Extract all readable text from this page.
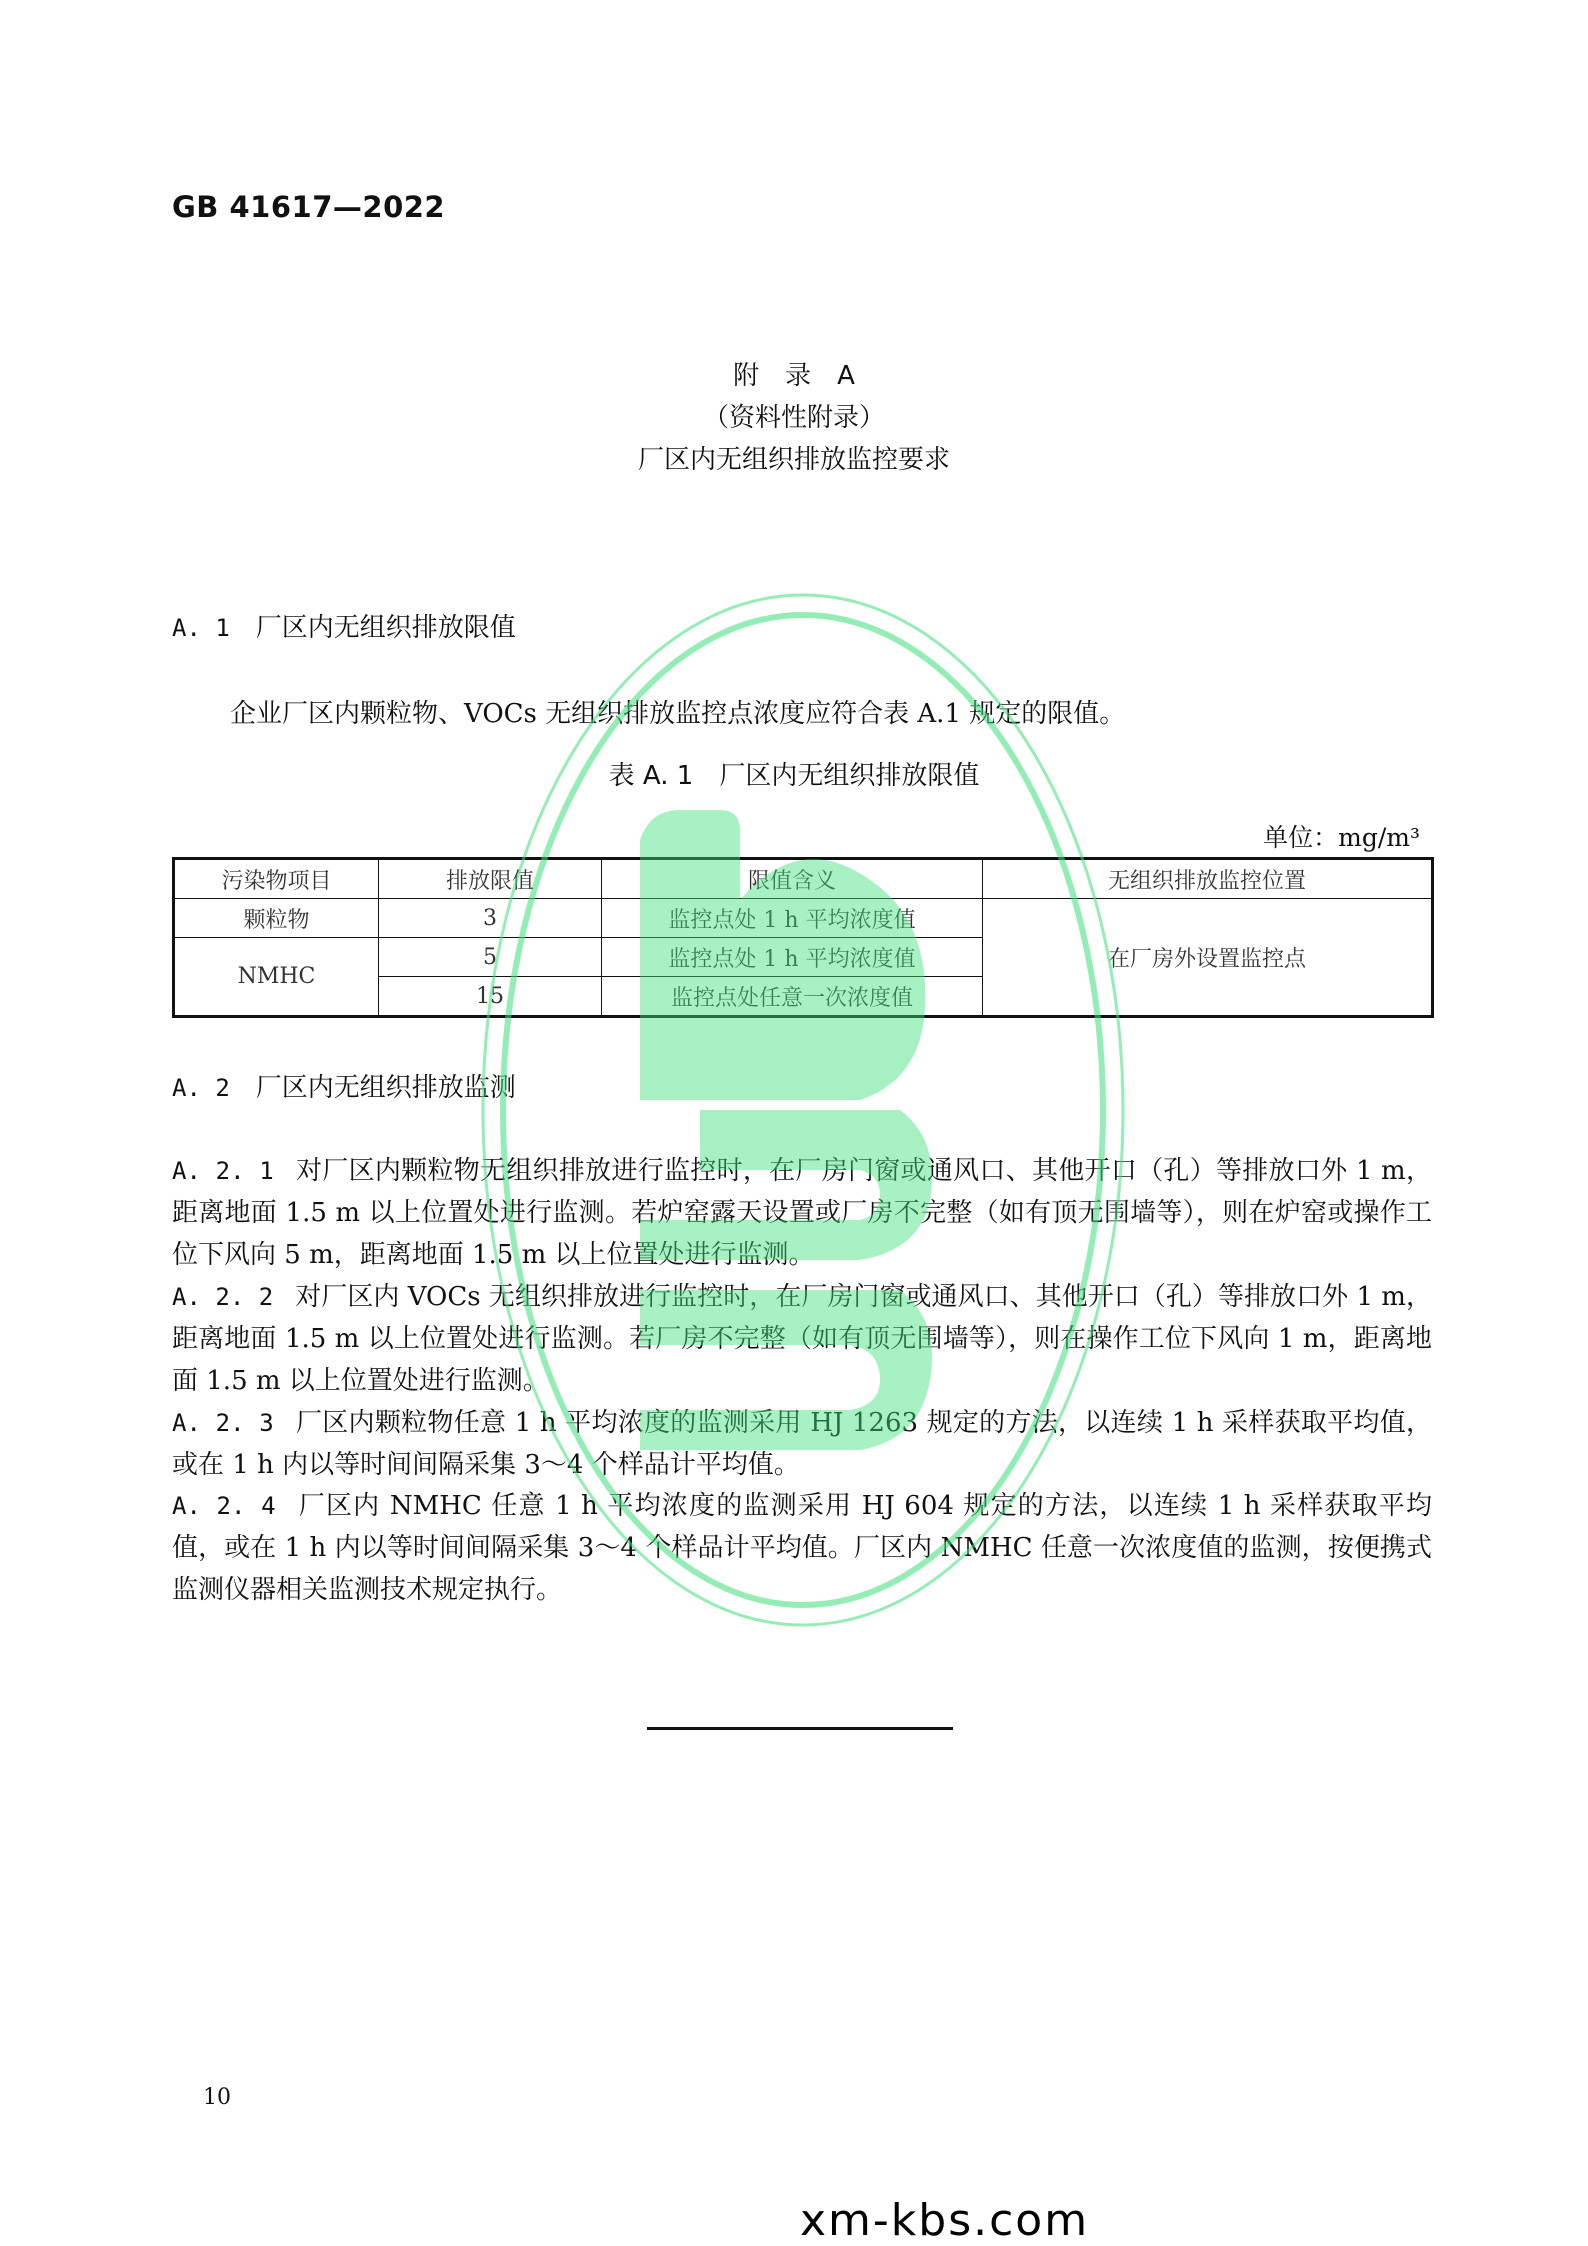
GB 41617—2022
附　录　A
（资料性附录）
厂区内无组织排放监控要求
A. 1 厂区内无组织排放限值
企业厂区内颗粒物、VOCs 无组织排放监控点浓度应符合表 A.1 规定的限值。
表 A. 1 厂区内无组织排放限值
单位：mg/m³
污染物项目	排放限值	限值含义	无组织排放监控位置
颗粒物	3	监控点处 1 h 平均浓度值	在厂房外设置监控点
NMHC	5	监控点处 1 h 平均浓度值	
	15	监控点处任意一次浓度值	
A. 2 厂区内无组织排放监测
A. 2. 1 对厂区内颗粒物无组织排放进行监控时，在厂房门窗或通风口、其他开口（孔）等排放口外 1 m，距离地面 1.5 m 以上位置处进行监测。若炉窑露天设置或厂房不完整（如有顶无围墙等），则在炉窑或操作工位下风向 5 m，距离地面 1.5 m 以上位置处进行监测。
A. 2. 2 对厂区内 VOCs 无组织排放进行监控时，在厂房门窗或通风口、其他开口（孔）等排放口外 1 m，距离地面 1.5 m 以上位置处进行监测。若厂房不完整（如有顶无围墙等），则在操作工位下风向 1 m，距离地面 1.5 m 以上位置处进行监测。
A. 2. 3 厂区内颗粒物任意 1 h 平均浓度的监测采用 HJ 1263 规定的方法，以连续 1 h 采样获取平均值，或在 1 h 内以等时间间隔采集 3～4 个样品计平均值。
A. 2. 4 厂区内 NMHC 任意 1 h 平均浓度的监测采用 HJ 604 规定的方法，以连续 1 h 采样获取平均值，或在 1 h 内以等时间间隔采集 3～4 个样品计平均值。厂区内 NMHC 任意一次浓度值的监测，按便携式监测仪器相关监测技术规定执行。
10
xm-kbs.com
